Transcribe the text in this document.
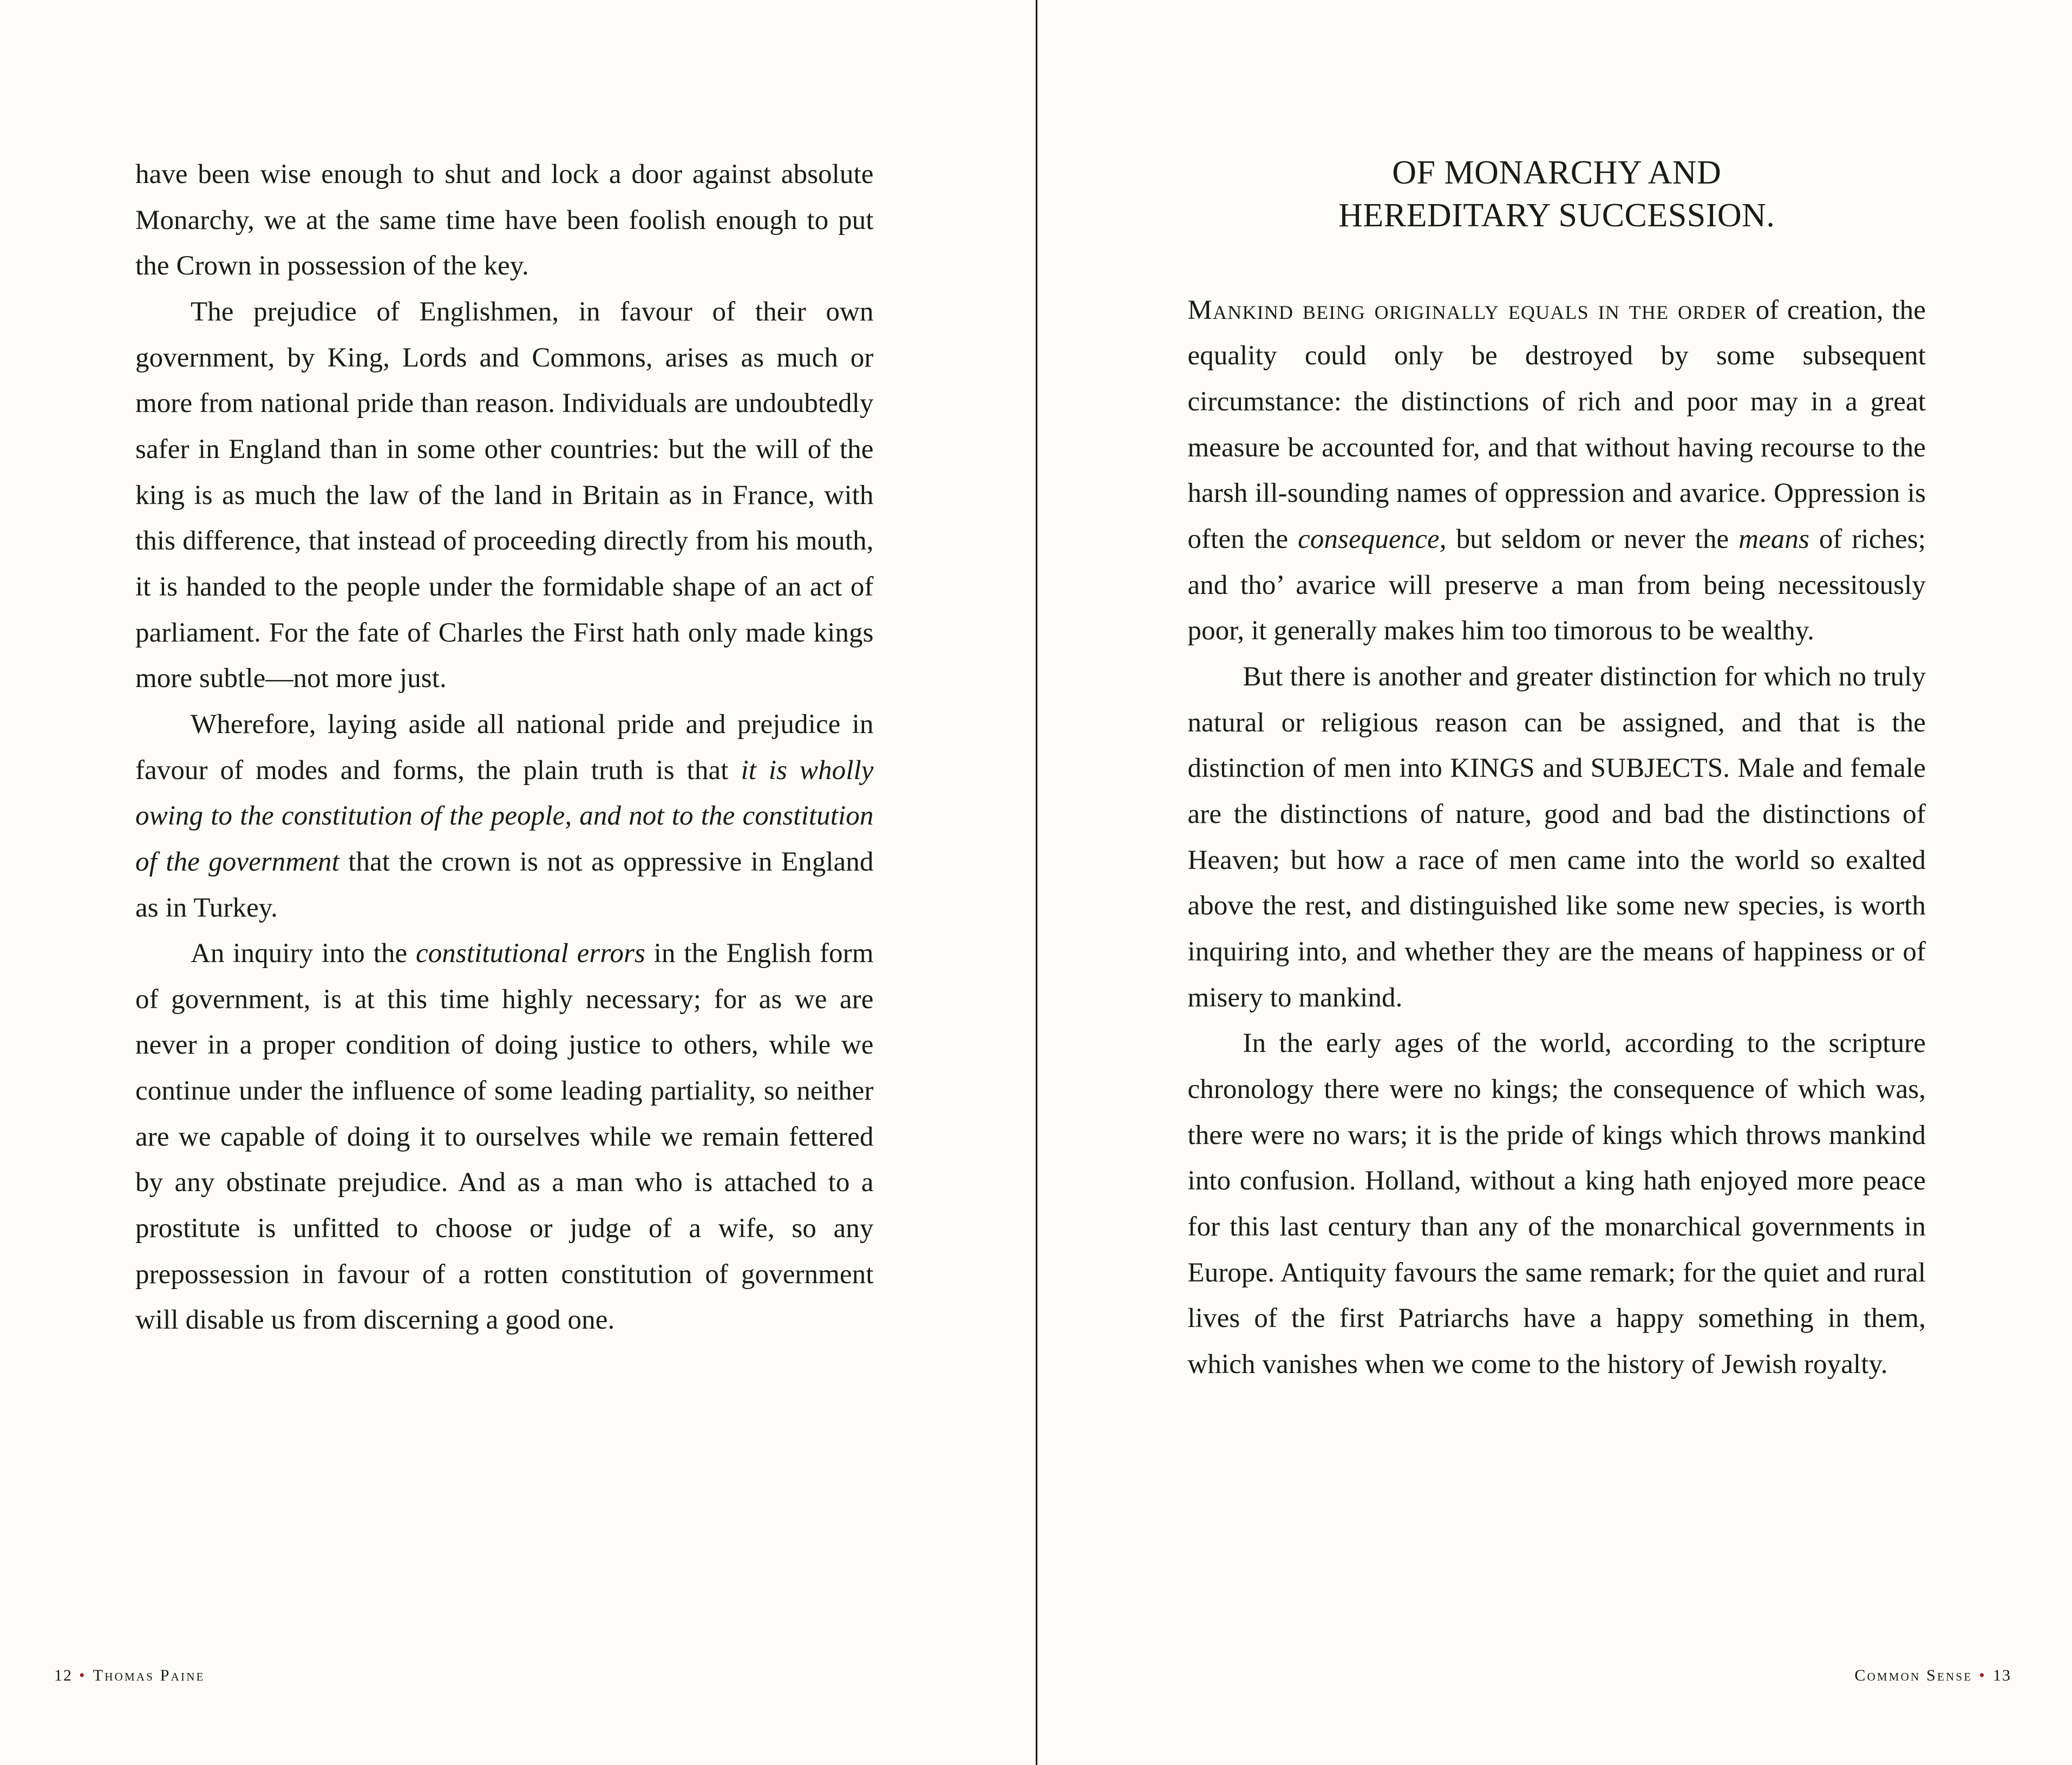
have been wise enough to shut and lock a door against absolute Monarchy, we at the same time have been foolish enough to put the Crown in possession of the key.

The prejudice of Englishmen, in favour of their own government, by King, Lords and Commons, arises as much or more from national pride than reason. Individuals are undoubtedly safer in England than in some other countries: but the will of the king is as much the law of the land in Britain as in France, with this difference, that instead of proceeding directly from his mouth, it is handed to the people under the formidable shape of an act of parliament. For the fate of Charles the First hath only made kings more subtle—not more just.

Wherefore, laying aside all national pride and prejudice in favour of modes and forms, the plain truth is that it is wholly owing to the constitution of the people, and not to the constitution of the government that the crown is not as oppressive in England as in Turkey.

An inquiry into the constitutional errors in the English form of government, is at this time highly necessary; for as we are never in a proper condition of doing justice to others, while we continue under the influence of some leading partiality, so neither are we capable of doing it to ourselves while we remain fettered by any obstinate prejudice. And as a man who is attached to a prostitute is unfitted to choose or judge of a wife, so any prepossession in favour of a rotten constitution of government will disable us from discerning a good one.

12 • Thomas Paine
OF MONARCHY AND
HEREDITARY SUCCESSION.

Mankind being originally equals in the order of creation, the equality could only be destroyed by some subsequent circumstance: the distinctions of rich and poor may in a great measure be accounted for, and that without having recourse to the harsh ill-sounding names of oppression and avarice. Oppression is often the consequence, but seldom or never the means of riches; and tho’ avarice will preserve a man from being necessitously poor, it generally makes him too timorous to be wealthy.

But there is another and greater distinction for which no truly natural or religious reason can be assigned, and that is the distinction of men into KINGS and SUBJECTS. Male and female are the distinctions of nature, good and bad the distinctions of Heaven; but how a race of men came into the world so exalted above the rest, and distinguished like some new species, is worth inquiring into, and whether they are the means of happiness or of misery to mankind.

In the early ages of the world, according to the scripture chronology there were no kings; the consequence of which was, there were no wars; it is the pride of kings which throws mankind into confusion. Holland, without a king hath enjoyed more peace for this last century than any of the monarchical governments in Europe. Antiquity favours the same remark; for the quiet and rural lives of the first Patriarchs have a happy something in them, which vanishes when we come to the history of Jewish royalty.

Common Sense • 13
